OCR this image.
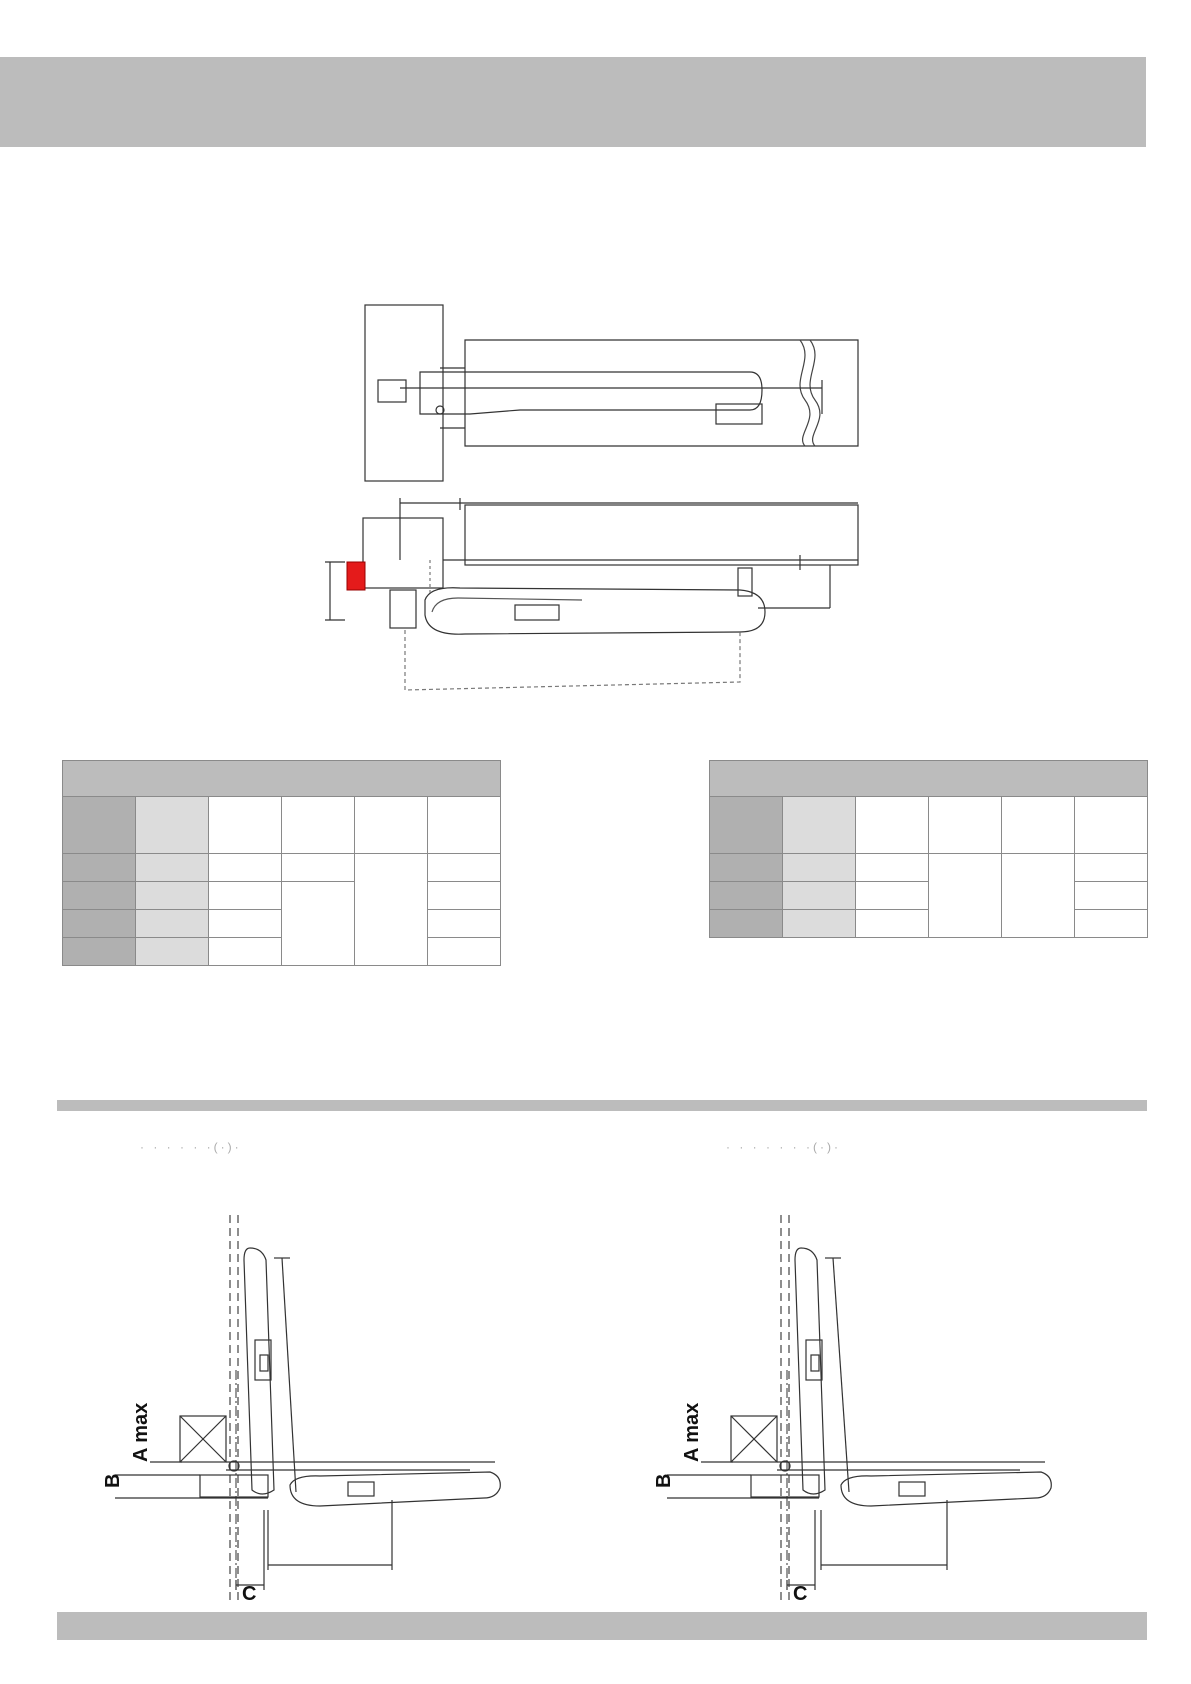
· · · · · ·(·)·	· · · · · · ·(·)·
A max
B
C
A max
B
C
